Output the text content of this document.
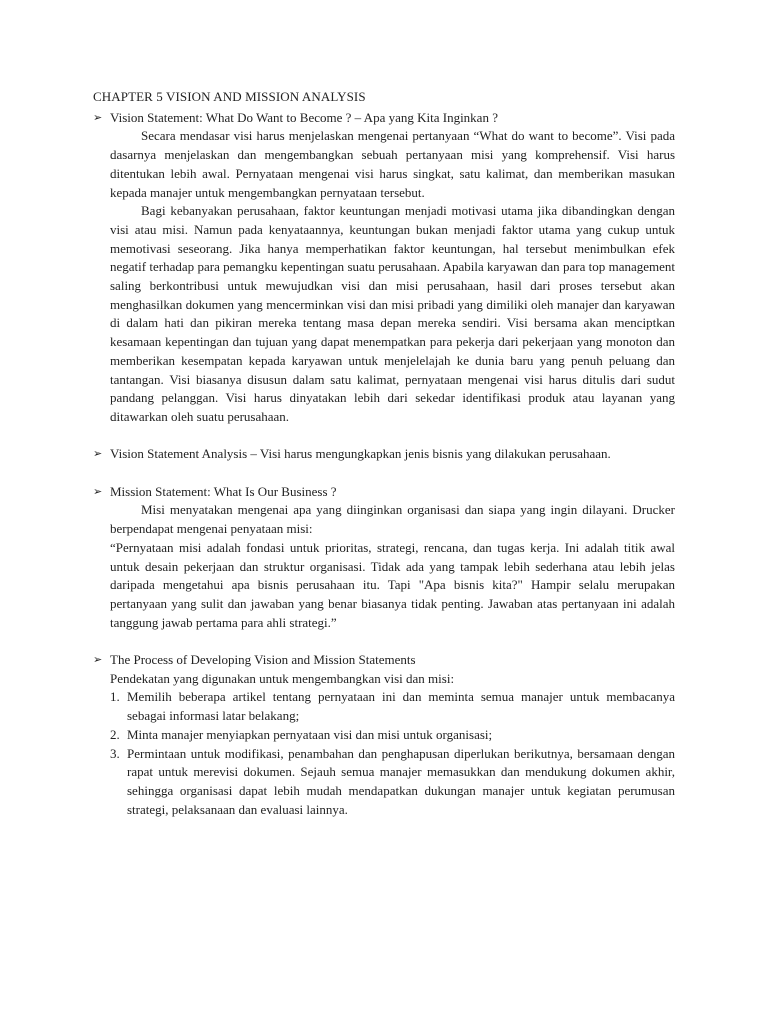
CHAPTER 5 VISION AND MISSION ANALYSIS
➢ Vision Statement: What Do Want to Become ? – Apa yang Kita Inginkan ?

Secara mendasar visi harus menjelaskan mengenai pertanyaan “What do want to become”. Visi pada dasarnya menjelaskan dan mengembangkan sebuah pertanyaan misi yang komprehensif. Visi harus ditentukan lebih awal. Pernyataan mengenai visi harus singkat, satu kalimat, dan memberikan masukan kepada manajer untuk mengembangkan pernyataan tersebut.

Bagi kebanyakan perusahaan, faktor keuntungan menjadi motivasi utama jika dibandingkan dengan visi atau misi. Namun pada kenyataannya, keuntungan bukan menjadi faktor utama yang cukup untuk memotivasi seseorang. Jika hanya memperhatikan faktor keuntungan, hal tersebut menimbulkan efek negatif terhadap para pemangku kepentingan suatu perusahaan. Apabila karyawan dan para top management saling berkontribusi untuk mewujudkan visi dan misi perusahaan, hasil dari proses tersebut akan menghasilkan dokumen yang mencerminkan visi dan misi pribadi yang dimiliki oleh manajer dan karyawan di dalam hati dan pikiran mereka tentang masa depan mereka sendiri. Visi bersama akan menciptkan kesamaan kepentingan dan tujuan yang dapat menempatkan para pekerja dari pekerjaan yang monoton dan memberikan kesempatan kepada karyawan untuk menjelelajah ke dunia baru yang penuh peluang dan tantangan. Visi biasanya disusun dalam satu kalimat, pernyataan mengenai visi harus ditulis dari sudut pandang pelanggan. Visi harus dinyatakan lebih dari sekedar identifikasi produk atau layanan yang ditawarkan oleh suatu perusahaan.

➢ Vision Statement Analysis – Visi harus mengungkapkan jenis bisnis yang dilakukan perusahaan.

➢ Mission Statement: What Is Our Business ?

Misi menyatakan mengenai apa yang diinginkan organisasi dan siapa yang ingin dilayani. Drucker berpendapat mengenai penyataan misi:

“Pernyataan misi adalah fondasi untuk prioritas, strategi, rencana, dan tugas kerja. Ini adalah titik awal untuk desain pekerjaan dan struktur organisasi. Tidak ada yang tampak lebih sederhana atau lebih jelas daripada mengetahui apa bisnis perusahaan itu. Tapi "Apa bisnis kita?" Hampir selalu merupakan pertanyaan yang sulit dan jawaban yang benar biasanya tidak penting. Jawaban atas pertanyaan ini adalah tanggung jawab pertama para ahli strategi.”

➢ The Process of Developing Vision and Mission Statements

Pendekatan yang digunakan untuk mengembangkan visi dan misi:

1. Memilih beberapa artikel tentang pernyataan ini dan meminta semua manajer untuk membacanya sebagai informasi latar belakang;
2. Minta manajer menyiapkan pernyataan visi dan misi untuk organisasi;
3. Permintaan untuk modifikasi, penambahan dan penghapusan diperlukan berikutnya, bersamaan dengan rapat untuk merevisi dokumen. Sejauh semua manajer memasukkan dan mendukung dokumen akhir, sehingga organisasi dapat lebih mudah mendapatkan dukungan manajer untuk kegiatan perumusan strategi, pelaksanaan dan evaluasi lainnya.
